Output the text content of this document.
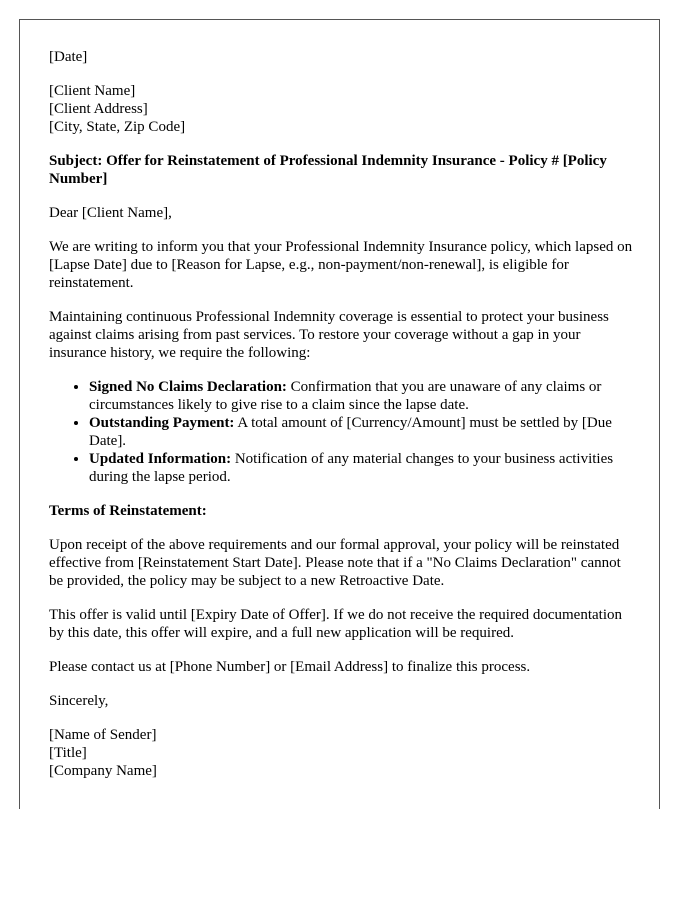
[Date]

[Client Name]
[Client Address]
[City, State, Zip Code]

Subject: Offer for Reinstatement of Professional Indemnity Insurance - Policy # [Policy Number]

Dear [Client Name],

We are writing to inform you that your Professional Indemnity Insurance policy, which lapsed on [Lapse Date] due to [Reason for Lapse, e.g., non-payment/non-renewal], is eligible for reinstatement.

Maintaining continuous Professional Indemnity coverage is essential to protect your business against claims arising from past services. To restore your coverage without a gap in your insurance history, we require the following:

• Signed No Claims Declaration: Confirmation that you are unaware of any claims or circumstances likely to give rise to a claim since the lapse date.
• Outstanding Payment: A total amount of [Currency/Amount] must be settled by [Due Date].
• Updated Information: Notification of any material changes to your business activities during the lapse period.

Terms of Reinstatement:

Upon receipt of the above requirements and our formal approval, your policy will be reinstated effective from [Reinstatement Start Date]. Please note that if a "No Claims Declaration" cannot be provided, the policy may be subject to a new Retroactive Date.

This offer is valid until [Expiry Date of Offer]. If we do not receive the required documentation by this date, this offer will expire, and a full new application will be required.

Please contact us at [Phone Number] or [Email Address] to finalize this process.

Sincerely,

[Name of Sender]
[Title]
[Company Name]
